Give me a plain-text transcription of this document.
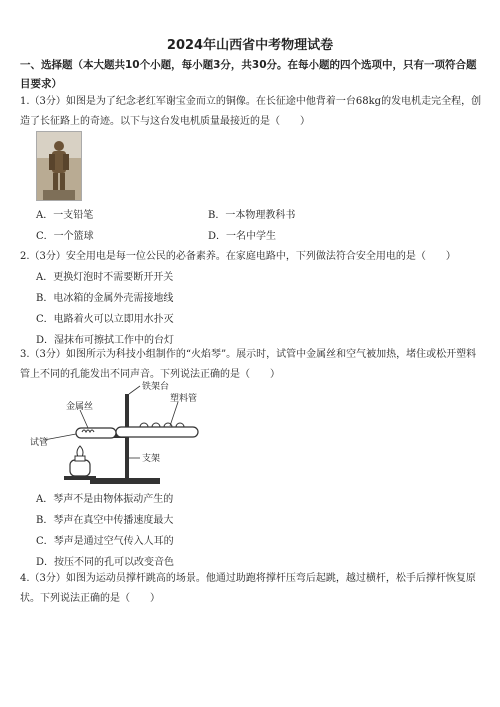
2024年山西省中考物理试卷
一、选择题（本大题共10个小题，每小题3分，共30分。在每小题的四个选项中，只有一项符合题目要求）
1.（3分）如图是为了纪念老红军谢宝金而立的铜像。在长征途中他背着一台68kg的发电机走完全程，创造了长征路上的奇迹。以下与这台发电机质量最接近的是（　　）
A．一支铅笔	B．一本物理教科书
C．一个篮球	D．一名中学生
2.（3分）安全用电是每一位公民的必备素养。在家庭电路中，下列做法符合安全用电的是（　　）
A．更换灯泡时不需要断开开关
B．电冰箱的金属外壳需接地线
C．电路着火可以立即用水扑灭
D．湿抹布可擦拭工作中的台灯
3.（3分）如图所示为科技小组制作的“火焰琴”。展示时，试管中金属丝和空气被加热，堵住或松开塑料管上不同的孔能发出不同声音。下列说法正确的是（　　）
铁架台
金属丝
塑料管
试管
支架
A．琴声不是由物体振动产生的
B．琴声在真空中传播速度最大
C．琴声是通过空气传入人耳的
D．按压不同的孔可以改变音色
4.（3分）如图为运动员撑杆跳高的场景。他通过助跑将撑杆压弯后起跳，越过横杆，松手后撑杆恢复原状。下列说法正确的是（　　）
